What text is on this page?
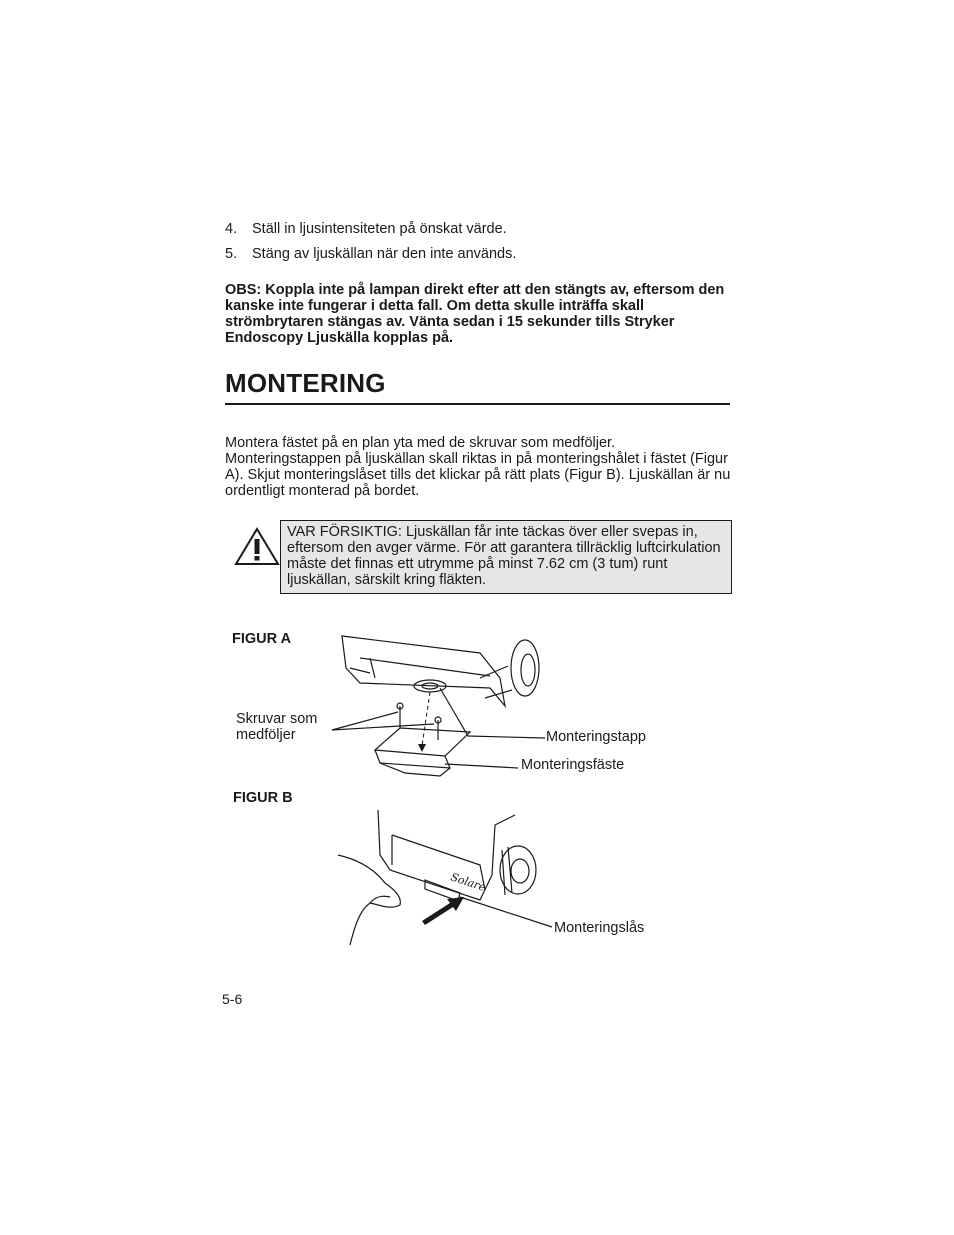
4. Ställ in ljusintensiteten på önskat värde.
5. Stäng av ljuskällan när den inte används.
OBS: Koppla inte på lampan direkt efter att den stängts av, eftersom den kanske inte fungerar i detta fall. Om detta skulle inträffa skall strömbrytaren stängas av. Vänta sedan i 15 sekunder tills Stryker Endoscopy Ljuskälla kopplas på.
MONTERING
Montera fästet på en plan yta med de skruvar som medföljer. Monteringstappen på ljuskällan skall riktas in på monteringshålet i fästet (Figur A). Skjut monteringslåset tills det klickar på rätt plats (Figur B). Ljuskällan är nu ordentligt monterad på bordet.
VAR FÖRSIKTIG: Ljuskällan får inte täckas över eller svepas in, eftersom den avger värme. För att garantera tillräcklig luftcirkulation måste det finnas ett utrymme på minst 7.62 cm (3 tum) runt ljuskällan, särskilt kring fläkten.
FIGUR A
Skruvar som medföljer	Monteringstapp
Monteringsfäste
FIGUR B
Solare
Monteringslås
5-6
